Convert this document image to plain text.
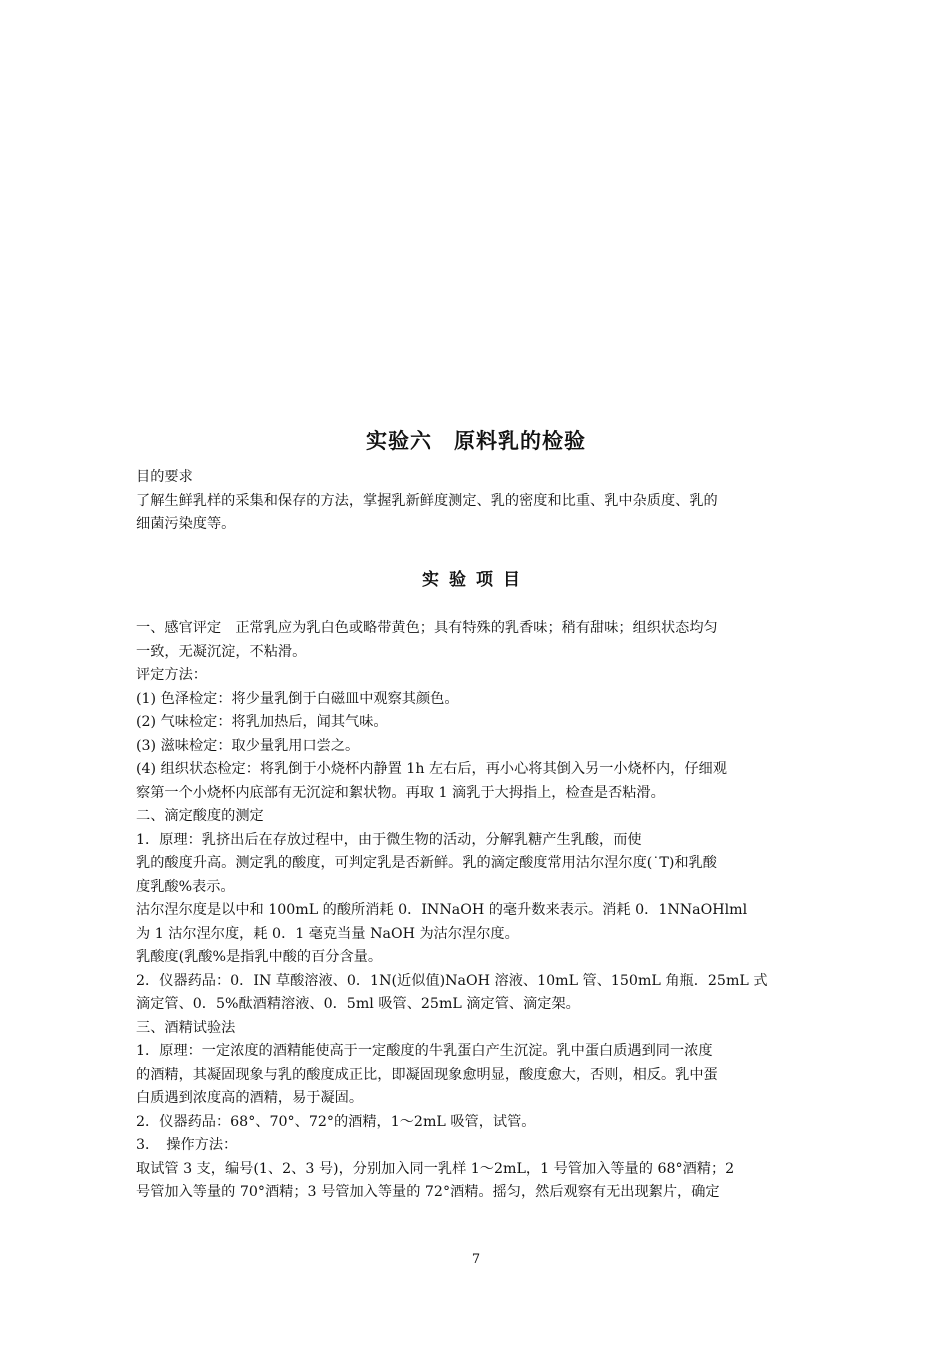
实验六　原料乳的检验
目的要求
了解生鲜乳样的采集和保存的方法，掌握乳新鲜度测定、乳的密度和比重、乳中杂质度、乳的
细菌污染度等。
实验项目
一、感官评定　正常乳应为乳白色或略带黄色；具有特殊的乳香味；稍有甜味；组织状态均匀
一致，无凝沉淀，不粘滑。
评定方法：
(1) 色泽检定：将少量乳倒于白磁皿中观察其颜色。
(2) 气味检定：将乳加热后，闻其气味。
(3) 滋味检定：取少量乳用口尝之。
(4) 组织状态检定：将乳倒于小烧杯内静置 1h 左右后，再小心将其倒入另一小烧杯内，仔细观
察第一个小烧杯内底部有无沉淀和絮状物。再取 1 滴乳于大拇指上，检查是否粘滑。
二、滴定酸度的测定
1．原理：乳挤出后在存放过程中，由于微生物的活动，分解乳糖产生乳酸，而使
乳的酸度升高。测定乳的酸度，可判定乳是否新鲜。乳的滴定酸度常用沽尔涅尔度(˙T)和乳酸
度乳酸%表示。
沽尔涅尔度是以中和 100mL 的酸所消耗 0．INNaOH 的毫升数来表示。消耗 0．1NNaOHlml
为 1 沽尔涅尔度，耗 0．1 毫克当量 NaOH 为沽尔涅尔度。
乳酸度(乳酸%是指乳中酸的百分含量。
2．仪器药品：0．IN 草酸溶液、0．1N(近似值)NaOH 溶液、10mL 管、150mL 角瓶．25mL 式
滴定管、0．5%酞酒精溶液、0．5ml 吸管、25mL 滴定管、滴定架。
三、酒精试验法
1．原理：一定浓度的酒精能使高于一定酸度的牛乳蛋白产生沉淀。乳中蛋白质遇到同一浓度
的酒精，其凝固现象与乳的酸度成正比，即凝固现象愈明显，酸度愈大，否则，相反。乳中蛋
白质遇到浓度高的酒精，易于凝固。
2．仪器药品：68°、70°、72°的酒精，1～2mL 吸管，试管。
3．　操作方法：
取试管 3 支，编号(1、2、3 号)，分别加入同一乳样 1～2mL，1 号管加入等量的 68°酒精；2
号管加入等量的 70°酒精；3 号管加入等量的 72°酒精。摇匀，然后观察有无出现絮片，确定
7
